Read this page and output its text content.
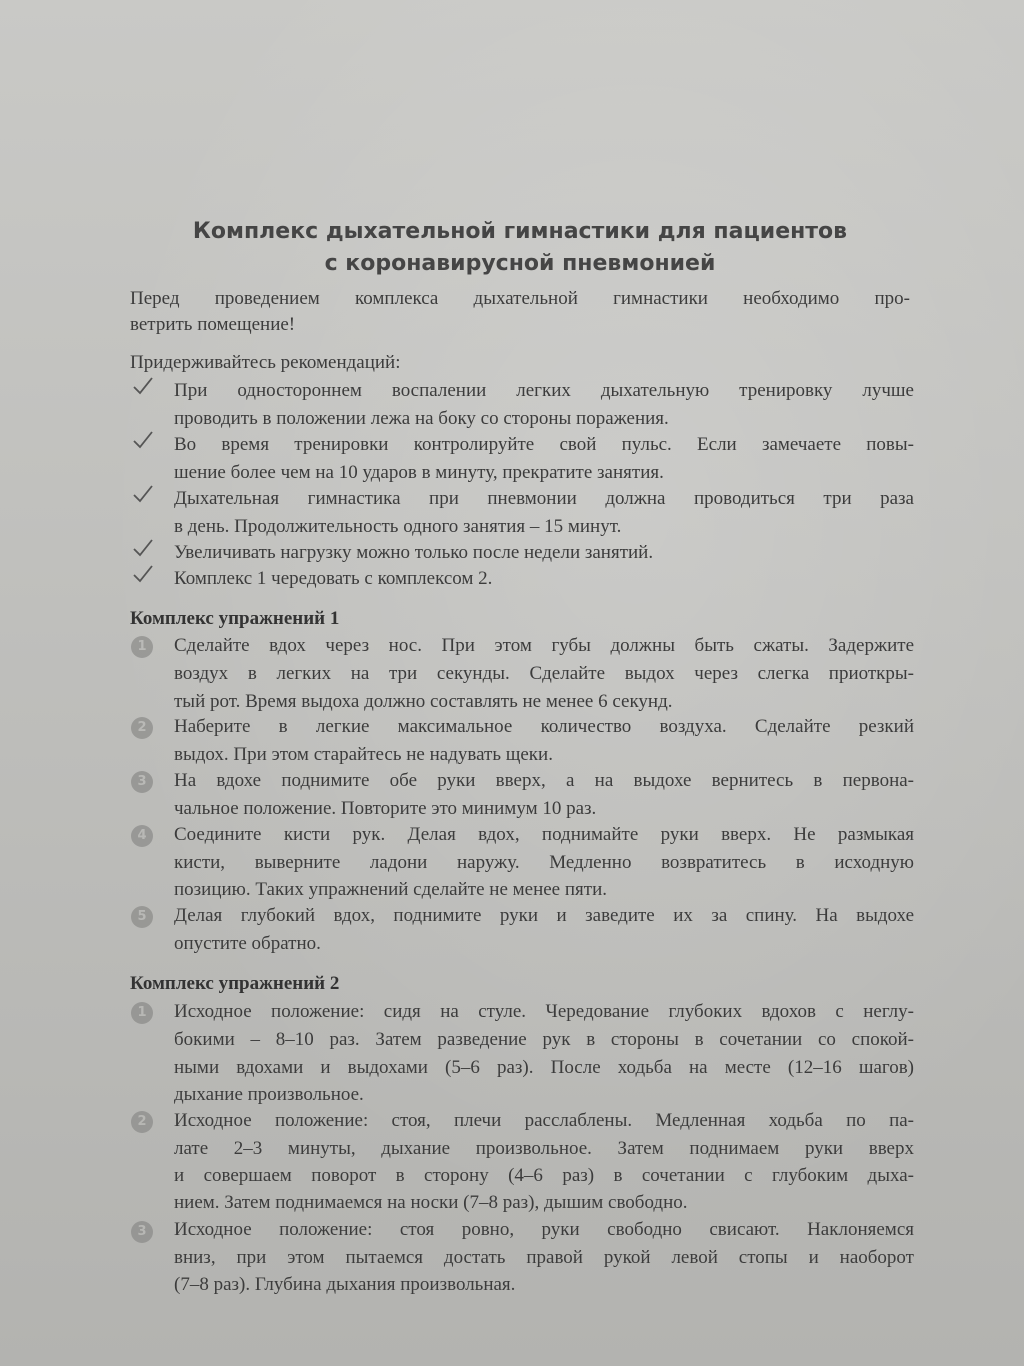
Комплекс дыхательной гимнастики для пациентов
с коронавирусной пневмонией
Перед проведением комплекса дыхательной гимнастики необходимо про-
ветрить помещение!
Придерживайтесь рекомендаций:
При одностороннем воспалении легких дыхательную тренировку лучше
проводить в положении лежа на боку со стороны поражения.
Во время тренировки контролируйте свой пульс. Если замечаете повы-
шение более чем на 10 ударов в минуту, прекратите занятия.
Дыхательная гимнастика при пневмонии должна проводиться три раза
в день. Продолжительность одного занятия – 15 минут.
Увеличивать нагрузку можно только после недели занятий.
Комплекс 1 чередовать с комплексом 2.
Комплекс упражнений 1
1	Сделайте вдох через нос. При этом губы должны быть сжаты. Задержите
воздух в легких на три секунды. Сделайте выдох через слегка приоткры-
тый рот. Время выдоха должно составлять не менее 6 секунд.
2	Наберите в легкие максимальное количество воздуха. Сделайте резкий
выдох. При этом старайтесь не надувать щеки.
3	На вдохе поднимите обе руки вверх, а на выдохе вернитесь в первона-
чальное положение. Повторите это минимум 10 раз.
4	Соедините кисти рук. Делая вдох, поднимайте руки вверх. Не размыкая
кисти, выверните ладони наружу. Медленно возвратитесь в исходную
позицию. Таких упражнений сделайте не менее пяти.
5	Делая глубокий вдох, поднимите руки и заведите их за спину. На выдохе
опустите обратно.
Комплекс упражнений 2
1	Исходное положение: сидя на стуле. Чередование глубоких вдохов с неглу-
бокими – 8–10 раз. Затем разведение рук в стороны в сочетании со спокой-
ными вдохами и выдохами (5–6 раз). После ходьба на месте (12–16 шагов)
дыхание произвольное.
2	Исходное положение: стоя, плечи расслаблены. Медленная ходьба по па-
лате 2–3 минуты, дыхание произвольное. Затем поднимаем руки вверх
и совершаем поворот в сторону (4–6 раз) в сочетании с глубоким дыха-
нием. Затем поднимаемся на носки (7–8 раз), дышим свободно.
3	Исходное положение: стоя ровно, руки свободно свисают. Наклоняемся
вниз, при этом пытаемся достать правой рукой левой стопы и наоборот
(7–8 раз). Глубина дыхания произвольная.
